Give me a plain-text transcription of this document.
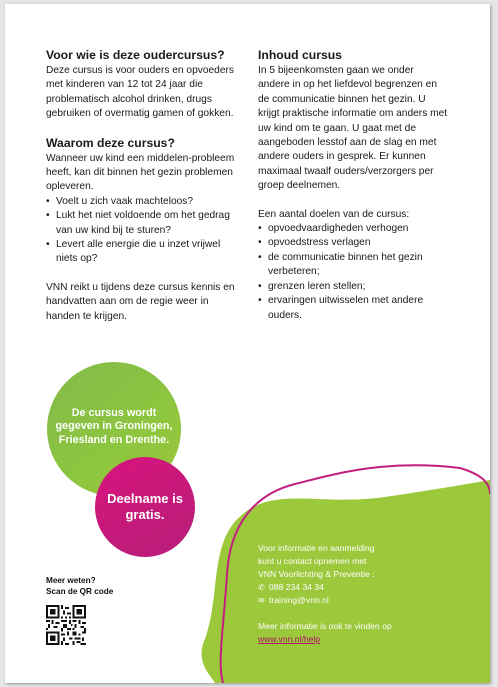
Voor wie is deze oudercursus?

Deze cursus is voor ouders en opvoeders met kinderen van 12 tot 24 jaar die problematisch alcohol drinken, drugs gebruiken of overmatig gamen of gokken.

Waarom deze cursus?

Wanneer uw kind een middelen-probleem heeft, kan dit binnen het gezin problemen opleveren.

• Voelt u zich vaak machteloos?
• Lukt het niet voldoende om het gedrag van uw kind bij te sturen?
• Levert alle energie die u inzet vrijwel niets op?

VNN reikt u tijdens deze cursus kennis en handvatten aan om de regie weer in handen te krijgen.

Inhoud cursus

In 5 bijeenkomsten gaan we onder andere in op het liefdevol begrenzen en de communicatie binnen het gezin. U krijgt praktische informatie om anders met uw kind om te gaan. U gaat met de aangeboden lesstof aan de slag en met andere ouders in gesprek. Er kunnen maximaal twaalf ouders/verzorgers per groep deelnemen.

Een aantal doelen van de cursus:

• opvoedvaardigheden verhogen
• opvoedstress verlagen
• de communicatie binnen het gezin verbeteren;
• grenzen leren stellen;
• ervaringen uitwisselen met andere ouders.
De cursus wordt gegeven in Groningen, Friesland en Drenthe.
Deelname is gratis.
Meer weten?
Scan de QR code
Voor informatie en aanmelding
kunt u contact opnemen met
VNN Voorlichting & Preventie :
✆ 088 234 34 34
✉ training@vnn.nl
Meer informatie is ook te vinden op
www.vnn.nl/help
